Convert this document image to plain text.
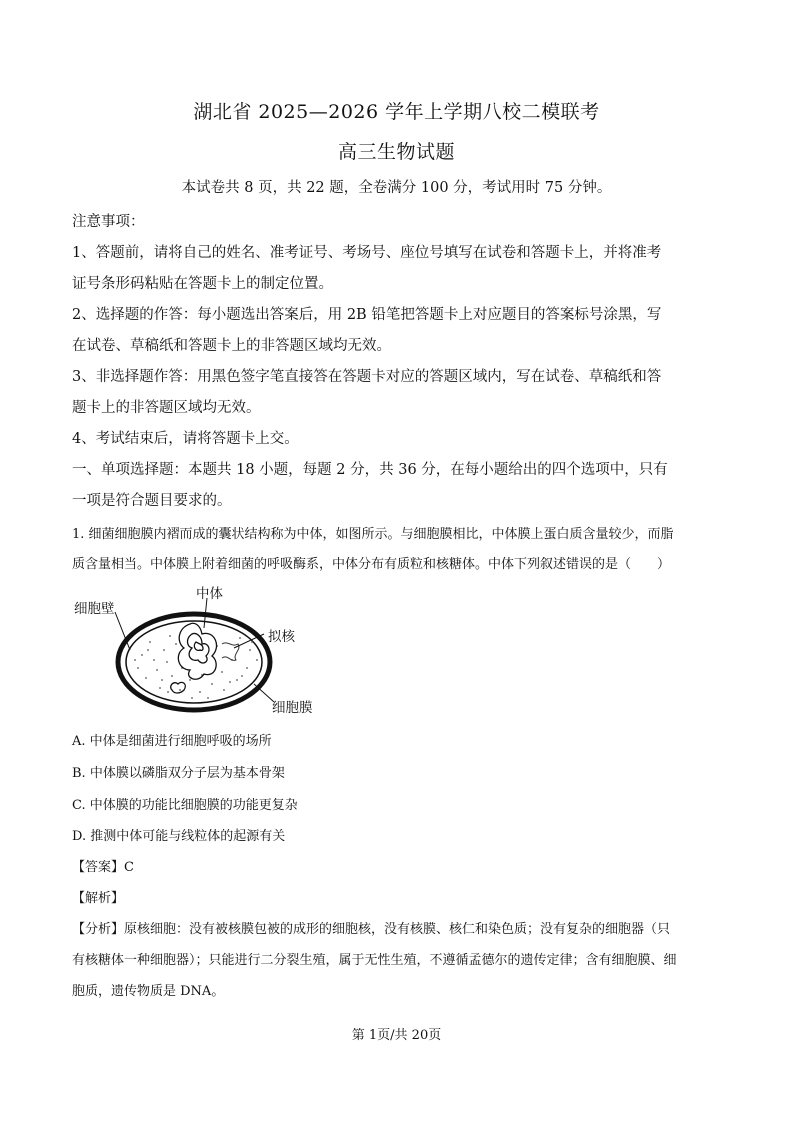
湖北省 2025—2026 学年上学期八校二模联考
高三生物试题
本试卷共 8 页，共 22 题，全卷满分 100 分，考试用时 75 分钟。
注意事项：
1、答题前，请将自己的姓名、准考证号、考场号、座位号填写在试卷和答题卡上，并将准考
证号条形码粘贴在答题卡上的制定位置。
2、选择题的作答：每小题选出答案后，用 2B 铅笔把答题卡上对应题目的答案标号涂黑，写
在试卷、草稿纸和答题卡上的非答题区域均无效。
3、非选择题作答：用黑色签字笔直接答在答题卡对应的答题区域内，写在试卷、草稿纸和答
题卡上的非答题区域均无效。
4、考试结束后，请将答题卡上交。
一、单项选择题：本题共 18 小题，每题 2 分，共 36 分，在每小题给出的四个选项中，只有
一项是符合题目要求的。
1. 细菌细胞膜内褶而成的囊状结构称为中体，如图所示。与细胞膜相比，中体膜上蛋白质含量较少，而脂
质含量相当。中体膜上附着细菌的呼吸酶系，中体分布有质粒和核糖体。中体下列叙述错误的是（　　）
细胞壁
中体
拟核
细胞膜
A. 中体是细菌进行细胞呼吸的场所
B. 中体膜以磷脂双分子层为基本骨架
C. 中体膜的功能比细胞膜的功能更复杂
D. 推测中体可能与线粒体的起源有关
【答案】C
【解析】
【分析】原核细胞：没有被核膜包被的成形的细胞核，没有核膜、核仁和染色质；没有复杂的细胞器（只
有核糖体一种细胞器）；只能进行二分裂生殖，属于无性生殖，不遵循孟德尔的遗传定律；含有细胞膜、细
胞质，遗传物质是 DNA。
第 1页/共 20页
